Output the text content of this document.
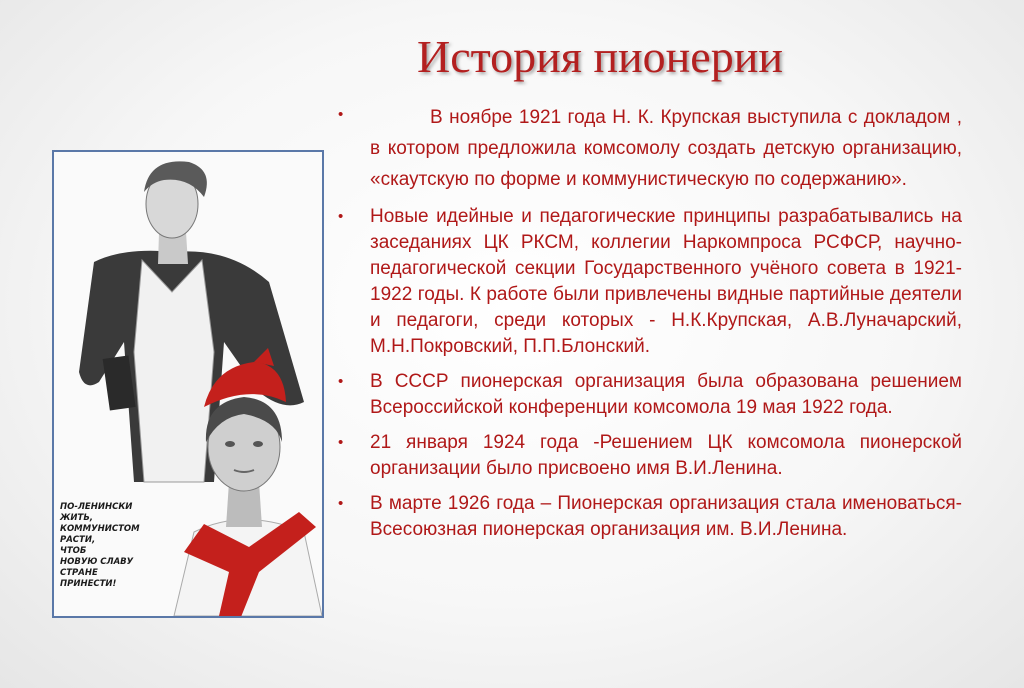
История пионерии
ПО-ЛЕНИНСКИ
ЖИТЬ,
КОММУНИСТОМ
РАСТИ,
ЧТОБ
НОВУЮ СЛАВУ
СТРАНЕ
ПРИНЕСТИ!
•	В ноябре 1921 года Н. К. Крупская выступила с докладом , в котором предложила комсомолу создать детскую организацию, «скаутскую по форме и коммунистическую по содержанию».
• Новые идейные и педагогические принципы разрабатывались на заседаниях ЦК РКСМ, коллегии Наркомпроса РСФСР, научно-педагогической секции Государственного учёного совета в 1921-1922 годы. К работе были привлечены видные партийные деятели и педагоги, среди которых - Н.К.Крупская, А.В.Луначарский, М.Н.Покровский, П.П.Блонский.
• В СССР пионерская организация была образована решением Всероссийской конференции комсомола 19 мая 1922 года.
• 21 января 1924 года -Решением ЦК комсомола пионерской организации было присвоено имя В.И.Ленина.
• В марте 1926 года – Пионерская организация стала именоваться- Всесоюзная пионерская организация им. В.И.Ленина.
